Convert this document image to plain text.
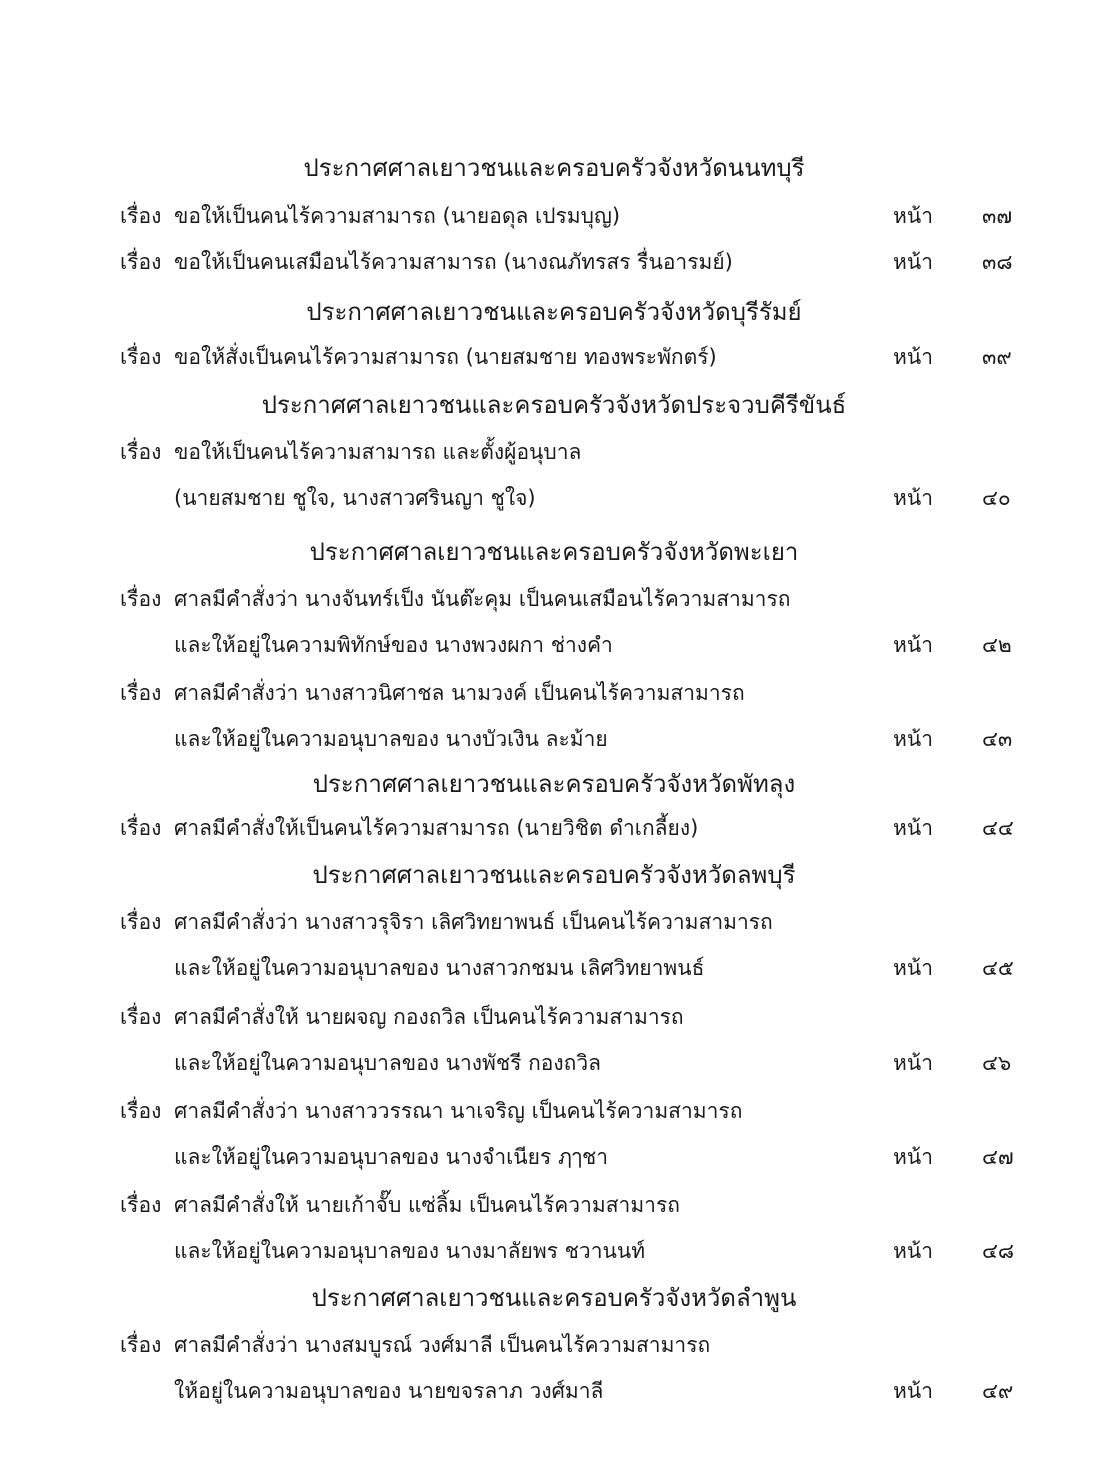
ประกาศศาลเยาวชนและครอบครัวจังหวัดนนทบุรี
เรื่อง ขอให้เป็นคนไร้ความสามารถ (นายอดุล เปรมบุญ)	หน้า ๓๗
เรื่อง ขอให้เป็นคนเสมือนไร้ความสามารถ (นางณภัทรสร รื่นอารมย์)	หน้า ๓๘
ประกาศศาลเยาวชนและครอบครัวจังหวัดบุรีรัมย์
เรื่อง ขอให้สั่งเป็นคนไร้ความสามารถ (นายสมชาย ทองพระพักตร์)	หน้า ๓๙
ประกาศศาลเยาวชนและครอบครัวจังหวัดประจวบคีรีขันธ์
เรื่อง ขอให้เป็นคนไร้ความสามารถ และตั้งผู้อนุบาล
(นายสมชาย ชูใจ, นางสาวศรินญา ชูใจ)	หน้า ๔๐
ประกาศศาลเยาวชนและครอบครัวจังหวัดพะเยา
เรื่อง ศาลมีคำสั่งว่า นางจันทร์เป็ง นันต๊ะคุม เป็นคนเสมือนไร้ความสามารถ
และให้อยู่ในความพิทักษ์ของ นางพวงผกา ช่างคำ	หน้า ๔๒
เรื่อง ศาลมีคำสั่งว่า นางสาวนิศาชล นามวงค์ เป็นคนไร้ความสามารถ
และให้อยู่ในความอนุบาลของ นางบัวเงิน ละม้าย	หน้า ๔๓
ประกาศศาลเยาวชนและครอบครัวจังหวัดพัทลุง
เรื่อง ศาลมีคำสั่งให้เป็นคนไร้ความสามารถ (นายวิชิต ดำเกลี้ยง)	หน้า ๔๔
ประกาศศาลเยาวชนและครอบครัวจังหวัดลพบุรี
เรื่อง ศาลมีคำสั่งว่า นางสาวรุจิรา เลิศวิทยาพนธ์ เป็นคนไร้ความสามารถ
และให้อยู่ในความอนุบาลของ นางสาวกชมน เลิศวิทยาพนธ์	หน้า ๔๕
เรื่อง ศาลมีคำสั่งให้ นายผจญ กองถวิล เป็นคนไร้ความสามารถ
และให้อยู่ในความอนุบาลของ นางพัชรี กองถวิล	หน้า ๔๖
เรื่อง ศาลมีคำสั่งว่า นางสาววรรณา นาเจริญ เป็นคนไร้ความสามารถ
และให้อยู่ในความอนุบาลของ นางจำเนียร ฦๅชา	หน้า ๔๗
เรื่อง ศาลมีคำสั่งให้ นายเก้าจั๊บ แซ่ลิ้ม เป็นคนไร้ความสามารถ
และให้อยู่ในความอนุบาลของ นางมาลัยพร ชวานนท์	หน้า ๔๘
ประกาศศาลเยาวชนและครอบครัวจังหวัดลำพูน
เรื่อง ศาลมีคำสั่งว่า นางสมบูรณ์ วงศ์มาลี เป็นคนไร้ความสามารถ
ให้อยู่ในความอนุบาลของ นายขจรลาภ วงศ์มาลี	หน้า ๔๙
